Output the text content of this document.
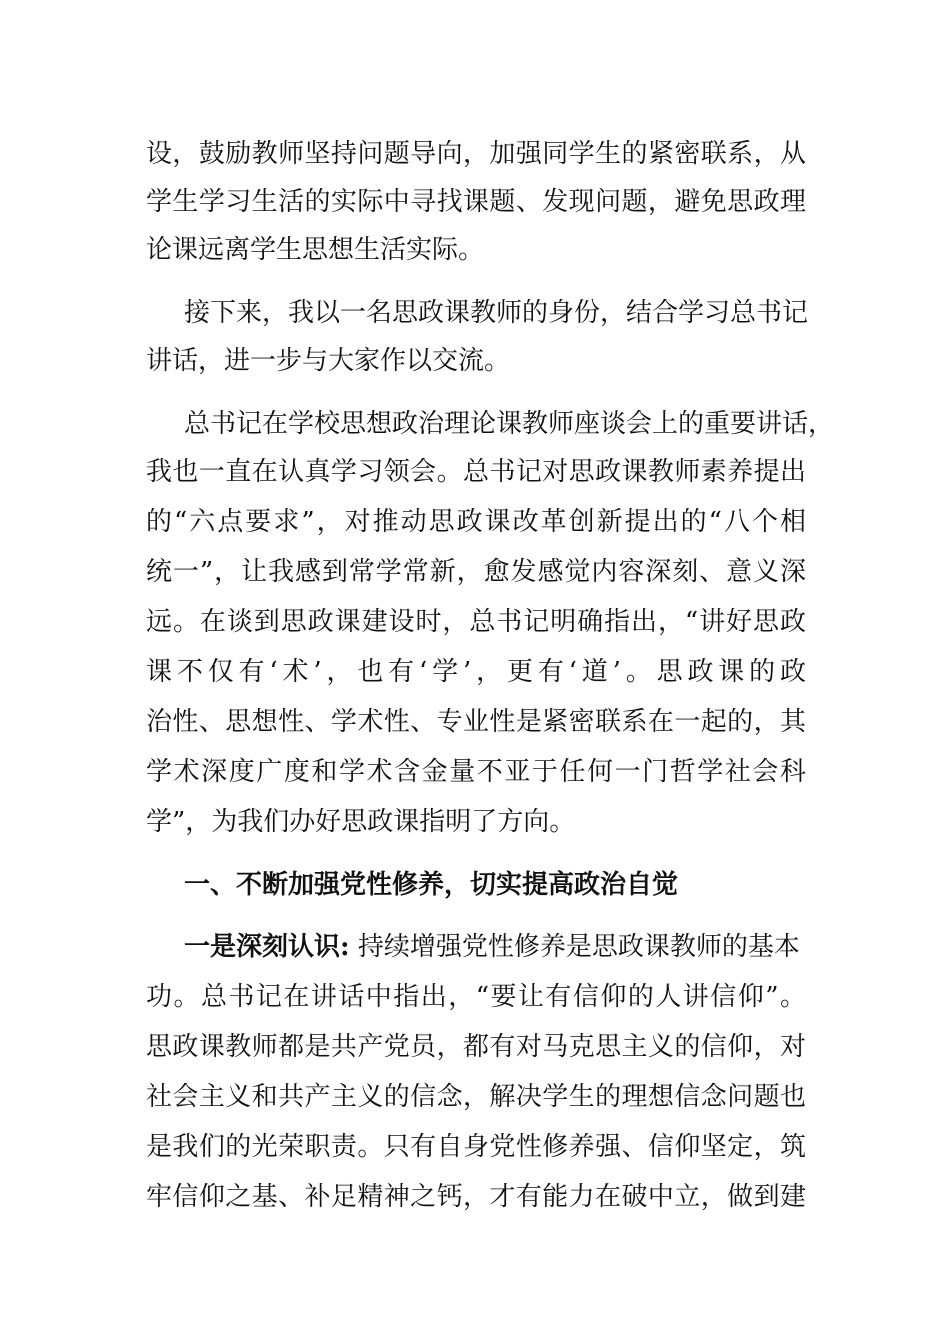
设，鼓励教师坚持问题导向，加强同学生的紧密联系，从
学生学习生活的实际中寻找课题、发现问题，避免思政理
论课远离学生思想生活实际。
接下来，我以一名思政课教师的身份，结合学习总书记
讲话，进一步与大家作以交流。
总书记在学校思想政治理论课教师座谈会上的重要讲话，
我也一直在认真学习领会。总书记对思政课教师素养提出
的“六点要求”，对推动思政课改革创新提出的“八个相
统一”，让我感到常学常新，愈发感觉内容深刻、意义深
远。在谈到思政课建设时，总书记明确指出，“讲好思政
课不仅有‘术’，也有‘学’，更有‘道’。思政课的政
治性、思想性、学术性、专业性是紧密联系在一起的，其
学术深度广度和学术含金量不亚于任何一门哲学社会科
学”，为我们办好思政课指明了方向。
一、不断加强党性修养，切实提高政治自觉
一是深刻认识: 持续增强党性修养是思政课教师的基本
功。总书记在讲话中指出，“要让有信仰的人讲信仰”。
思政课教师都是共产党员，都有对马克思主义的信仰，对
社会主义和共产主义的信念，解决学生的理想信念问题也
是我们的光荣职责。只有自身党性修养强、信仰坚定，筑
牢信仰之基、补足精神之钙，才有能力在破中立，做到建
